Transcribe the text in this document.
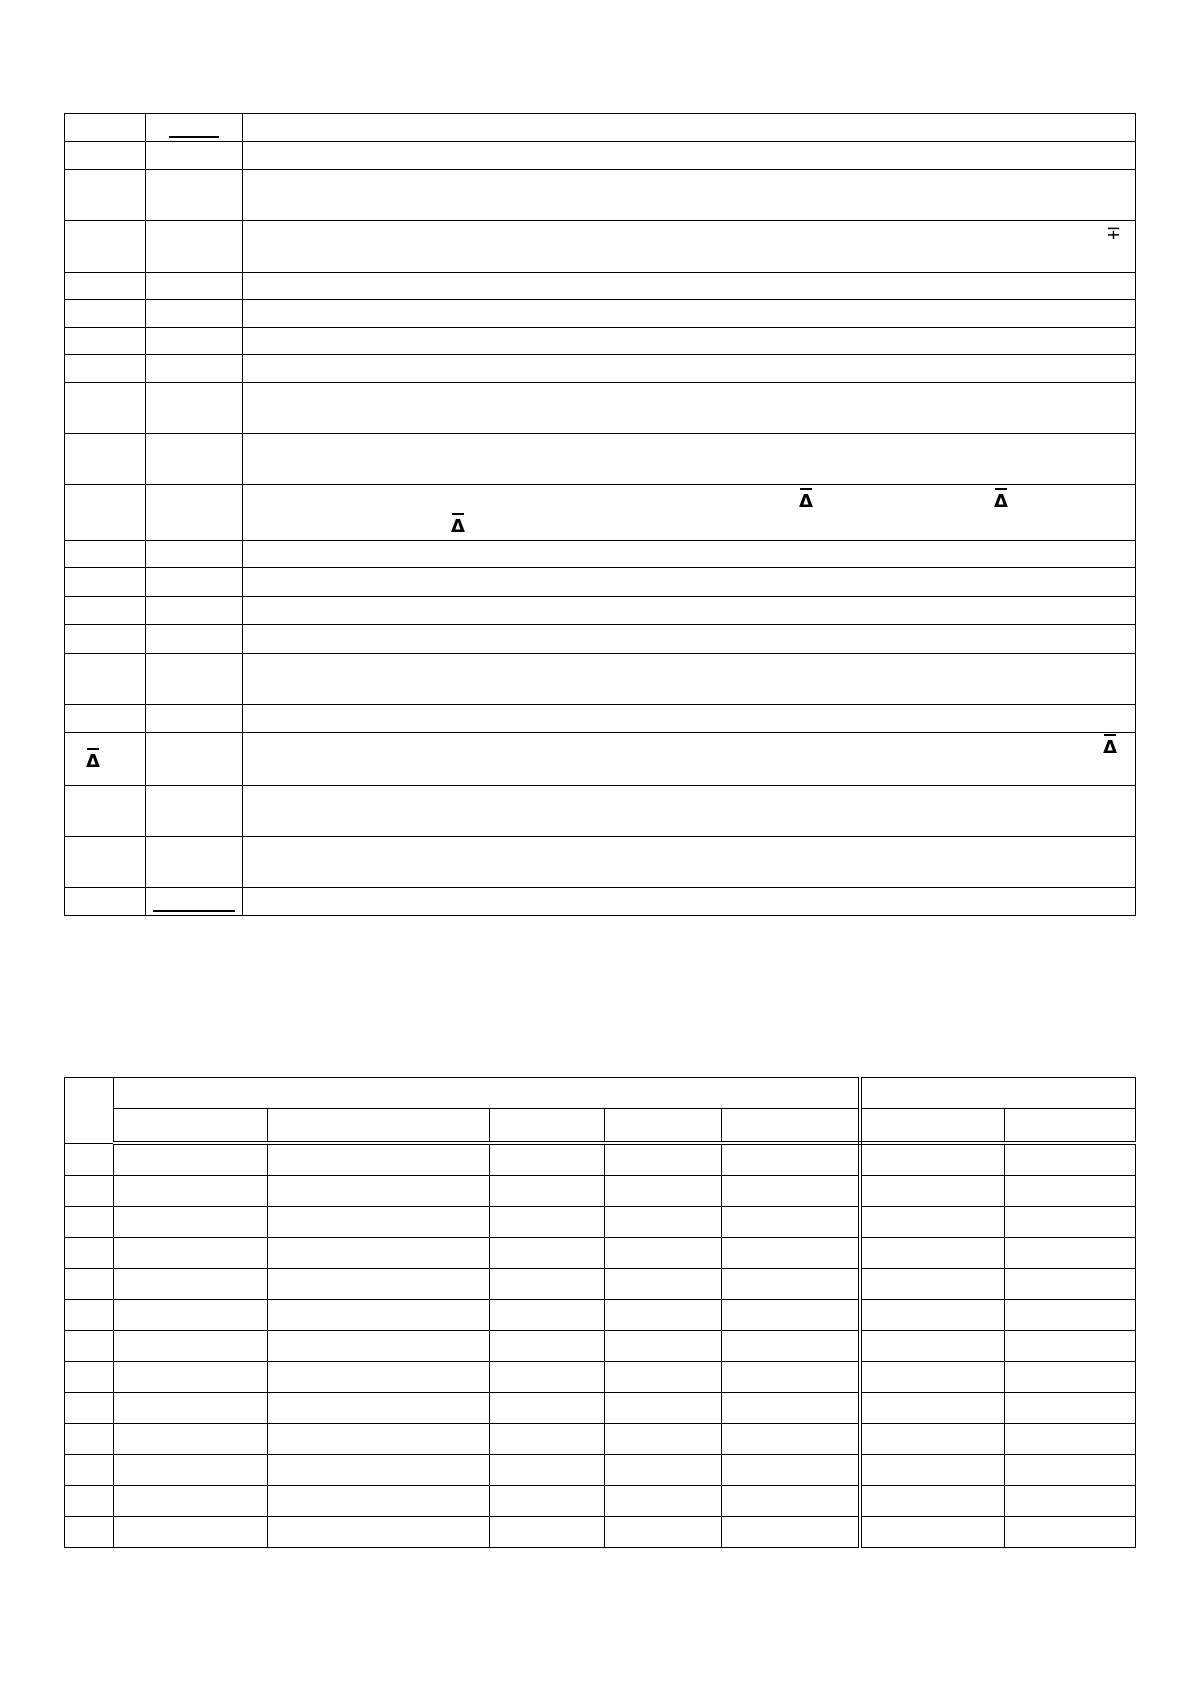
		∓

		Δ Δ
Δ

Δ		Δ
